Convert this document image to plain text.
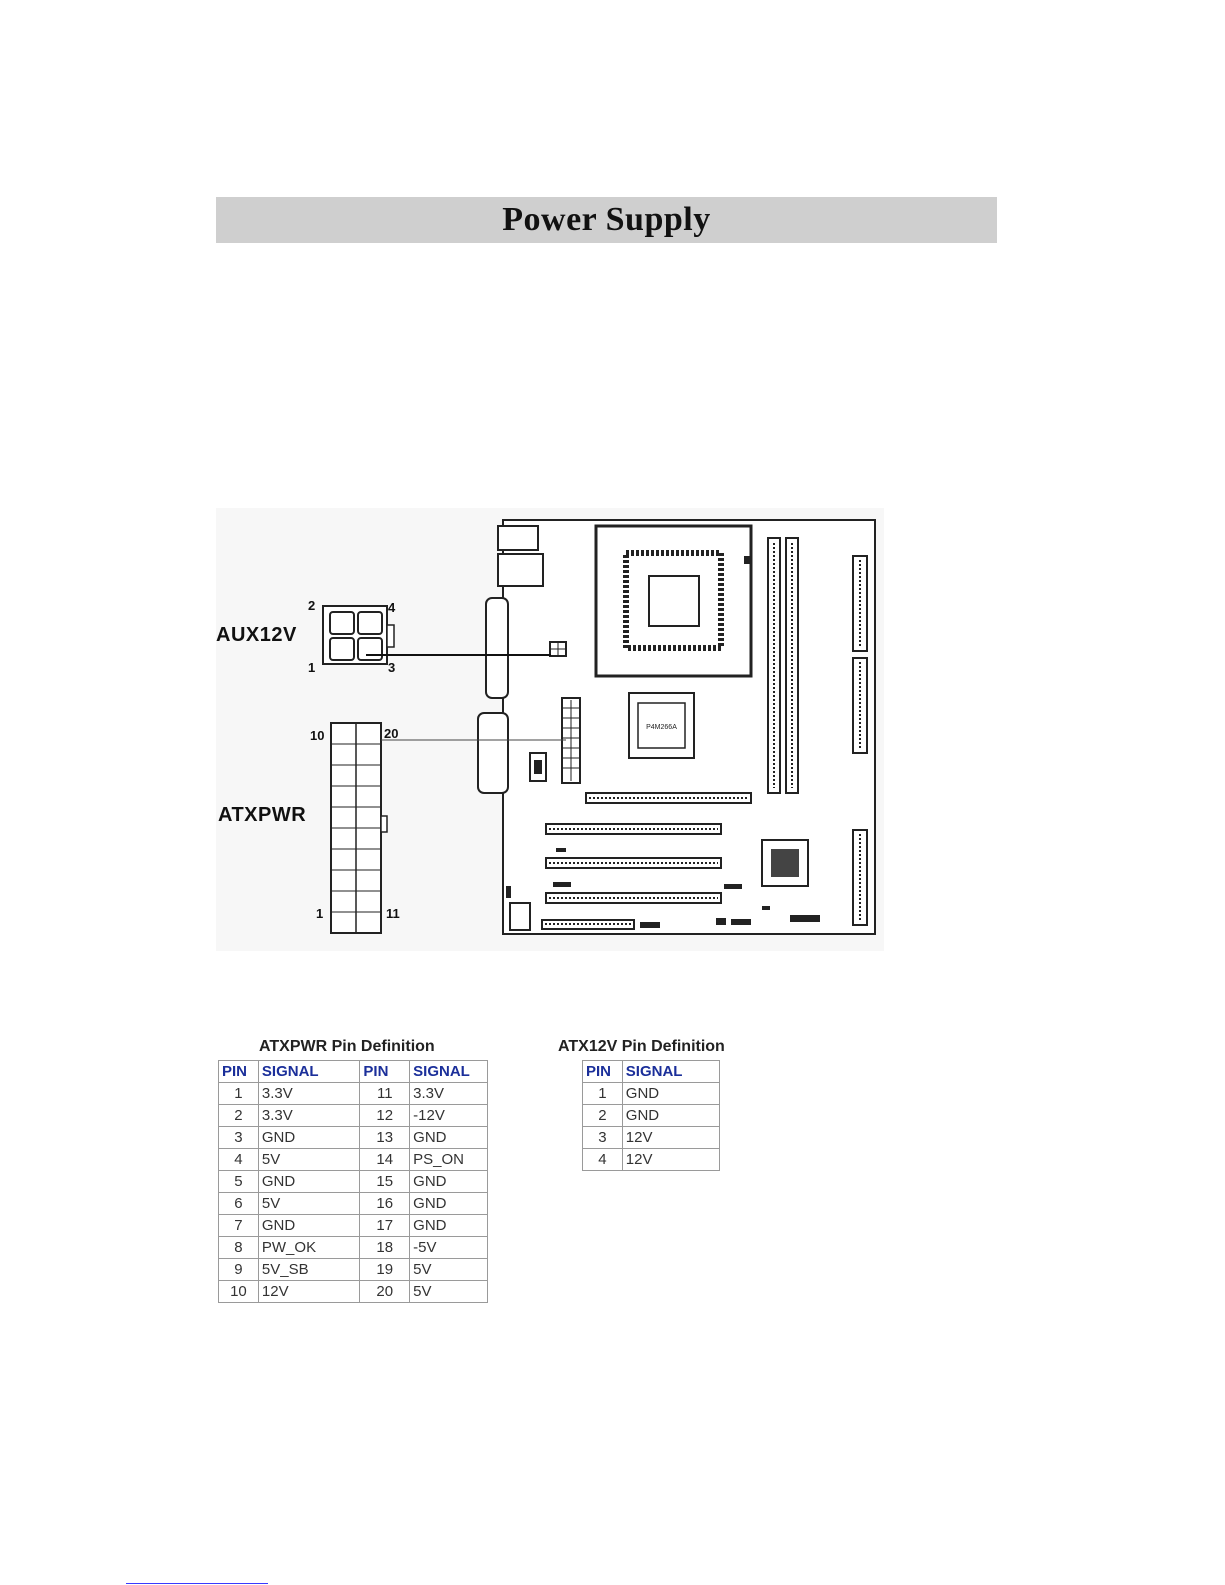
Power Supply
P4M266A
AUX12V
ATXPWR
2	4
1	3
10	20
1	11
ATXPWR Pin Definition
PIN	SIGNAL	PIN	SIGNAL
1	3.3V	11	3.3V
2	3.3V	12	-12V
3	GND	13	GND
4	5V	14	PS_ON
5	GND	15	GND
6	5V	16	GND
7	GND	17	GND
8	PW_OK	18	-5V
9	5V_SB	19	5V
10	12V	20	5V
ATX12V Pin Definition
PIN	SIGNAL
1	GND
2	GND
3	12V
4	12V
